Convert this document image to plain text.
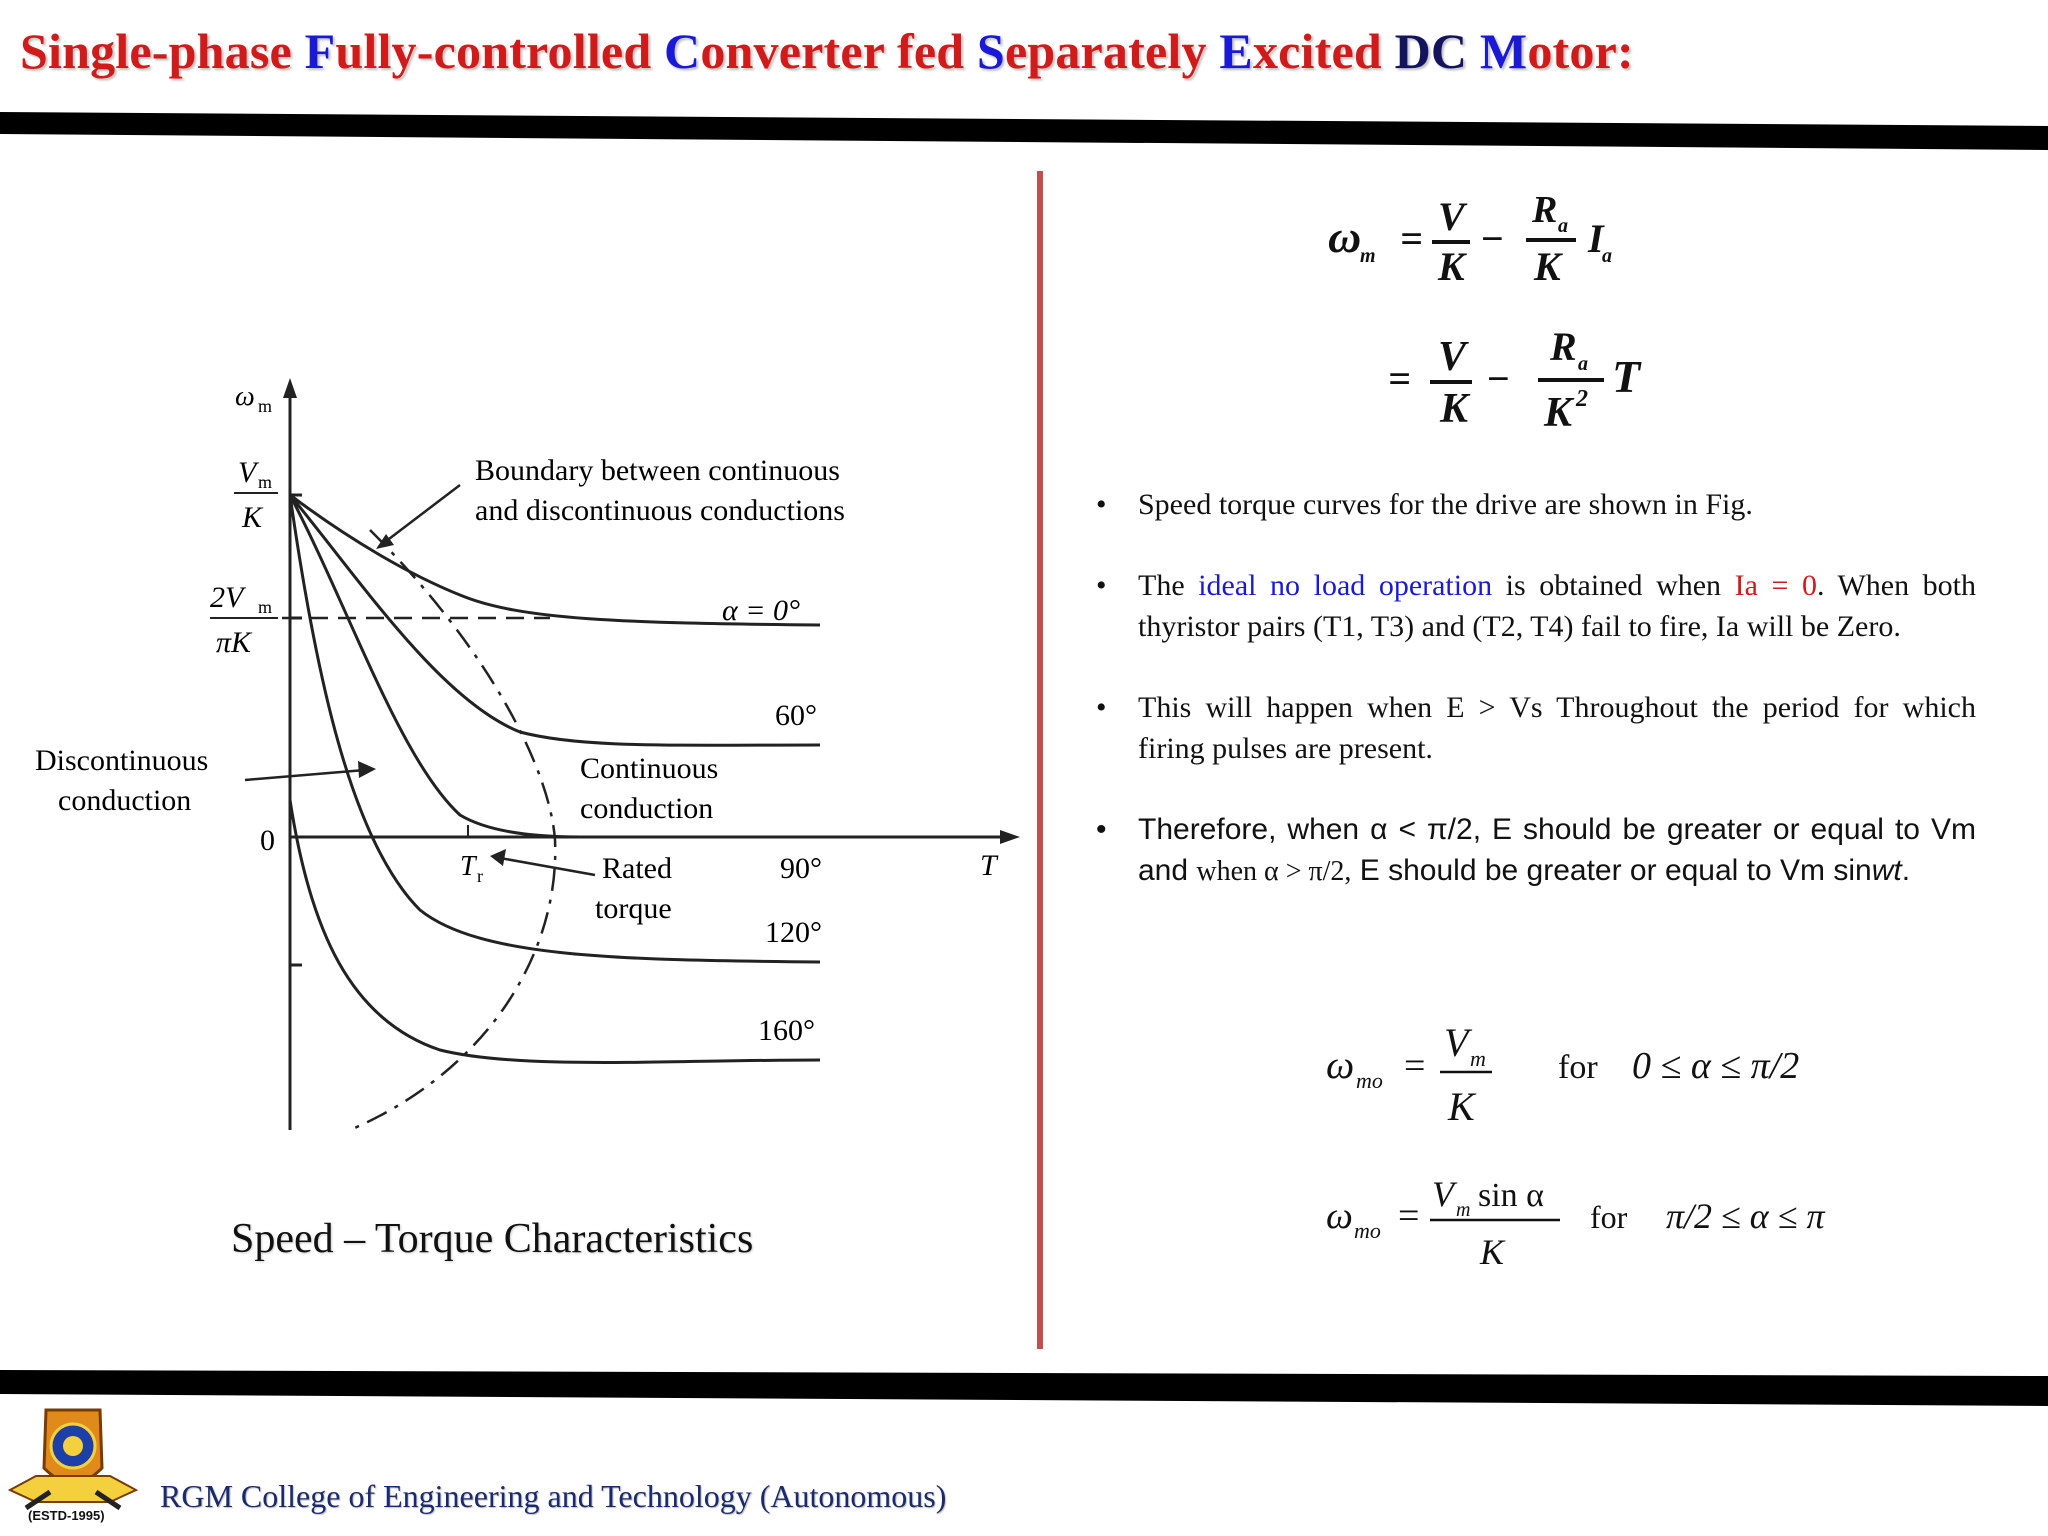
Single-phase Fully-controlled Converter fed Separately Excited DC Motor:
ω m
V m
K
2V m
πK
0
Boundary between continuous
and discontinuous conductions
Discontinuous
conduction
Continuous
conduction
Rated
torque
T r	T
α = 0°
60°
90°
120°
160°
Speed – Torque Characteristics
ω
m = V
K
−
R a
K
I
a
= V
K
−
R a
K 2 T
• Speed torque curves for the drive are shown in Fig.
• The ideal no load operation is obtained when Ia = 0. When both thyristor pairs (T1, T3) and (T2, T4) fail to fire, Ia will be Zero.
• This will happen when E > Vs Throughout the period for which firing pulses are present.
• Therefore, when α < π/2, E should be greater or equal to Vm and when α > π/2, E should be greater or equal to Vm sinwt.
ω mo =
V m
K
for 0 ≤ α ≤ π/2
ω mo =
V m sin α
K
for π/2 ≤ α ≤ π
(ESTD-1995)
RGM College of Engineering and Technology (Autonomous)
